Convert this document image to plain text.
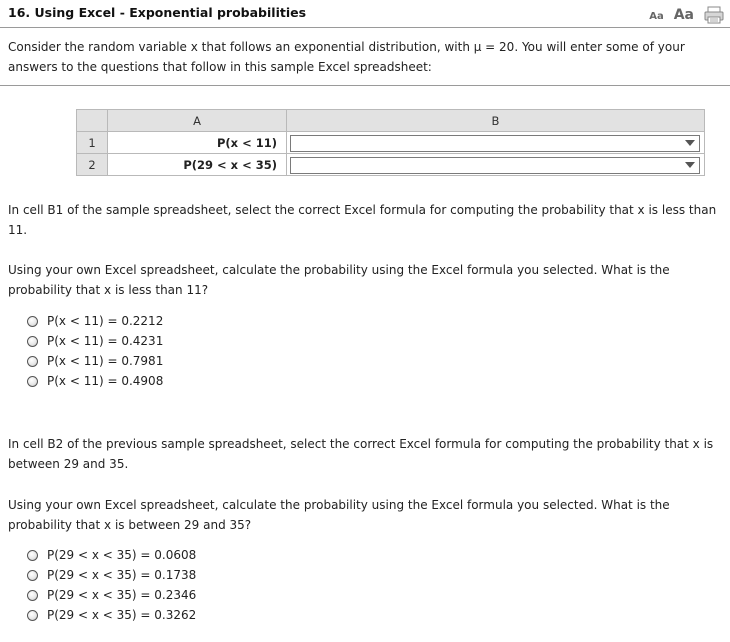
16. Using Excel - Exponential probabilities	Aa Aa
Consider the random variable x that follows an exponential distribution, with μ = 20. You will enter some of your
answers to the questions that follow in this sample Excel spreadsheet:
	A	B
1	P(x < 11)	

2	P(29 < x < 35)	
In cell B1 of the sample spreadsheet, select the correct Excel formula for computing the probability that x is less than
11.
Using your own Excel spreadsheet, calculate the probability using the Excel formula you selected. What is the
probability that x is less than 11?
P(x < 11) = 0.2212
P(x < 11) = 0.4231
P(x < 11) = 0.7981
P(x < 11) = 0.4908
In cell B2 of the previous sample spreadsheet, select the correct Excel formula for computing the probability that x is
between 29 and 35.
Using your own Excel spreadsheet, calculate the probability using the Excel formula you selected. What is the
probability that x is between 29 and 35?
P(29 < x < 35) = 0.0608
P(29 < x < 35) = 0.1738
P(29 < x < 35) = 0.2346
P(29 < x < 35) = 0.3262
